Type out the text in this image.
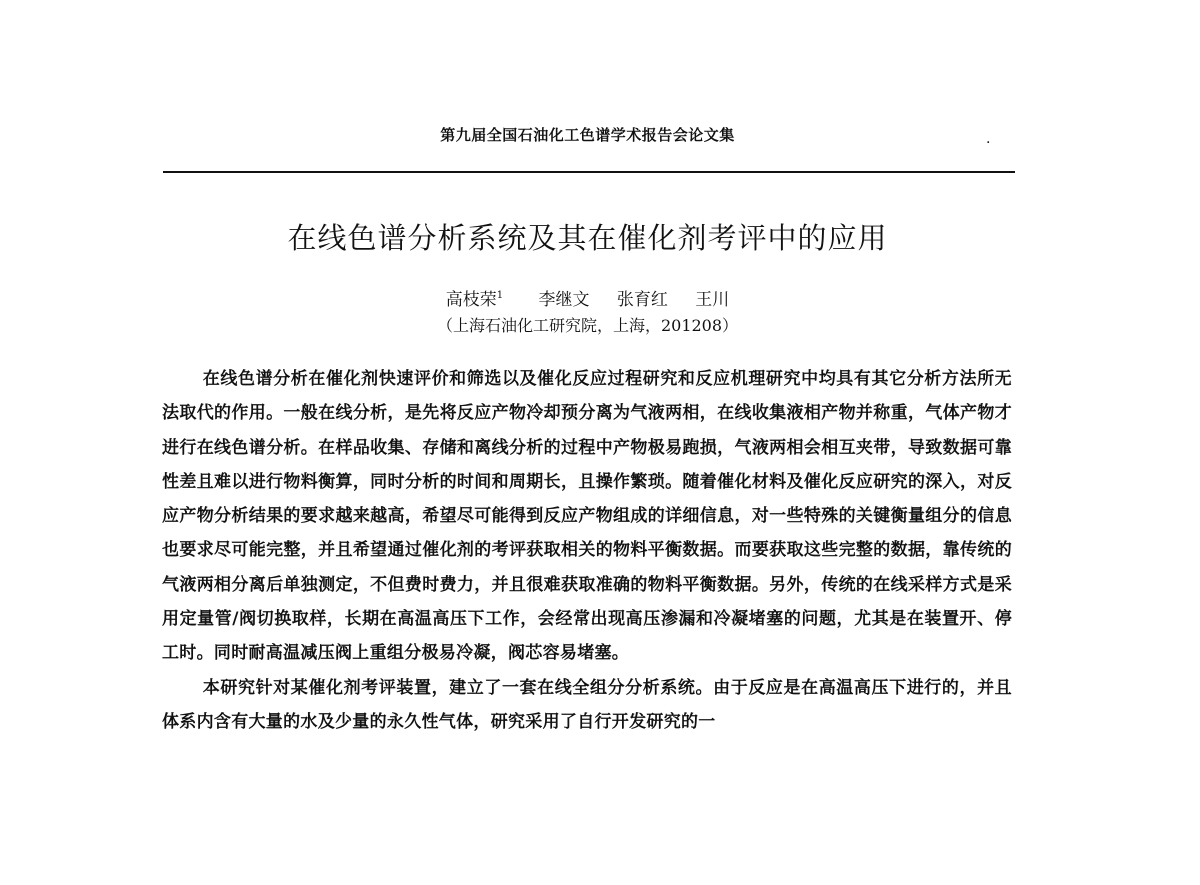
第九届全国石油化工色谱学术报告会论文集	.
在线色谱分析系统及其在催化剂考评中的应用
高枝荣$^1$ 李继文 张育红 王川
（上海石油化工研究院，上海，201208）

在线色谱分析在催化剂快速评价和筛选以及催化反应过程研究和反应机理研究中均具有其它分析方法所无法取代的作用。一般在线分析，是先将反应产物冷却预分离为气液两相，在线收集液相产物并称重，气体产物才进行在线色谱分析。在样品收集、存储和离线分析的过程中产物极易跑损，气液两相会相互夹带，导致数据可靠性差且难以进行物料衡算，同时分析的时间和周期长，且操作繁琐。随着催化材料及催化反应研究的深入，对反应产物分析结果的要求越来越高，希望尽可能得到反应产物组成的详细信息，对一些特殊的关键衡量组分的信息也要求尽可能完整，并且希望通过催化剂的考评获取相关的物料平衡数据。而要获取这些完整的数据，靠传统的气液两相分离后单独测定，不但费时费力，并且很难获取准确的物料平衡数据。另外，传统的在线采样方式是采用定量管/阀切换取样，长期在高温高压下工作，会经常出现高压渗漏和冷凝堵塞的问题，尤其是在装置开、停工时。同时耐高温减压阀上重组分极易冷凝，阀芯容易堵塞。

本研究针对某催化剂考评装置，建立了一套在线全组分分析系统。由于反应是在高温高压下进行的，并且体系内含有大量的水及少量的永久性气体，研究采用了自行开发研究的一
